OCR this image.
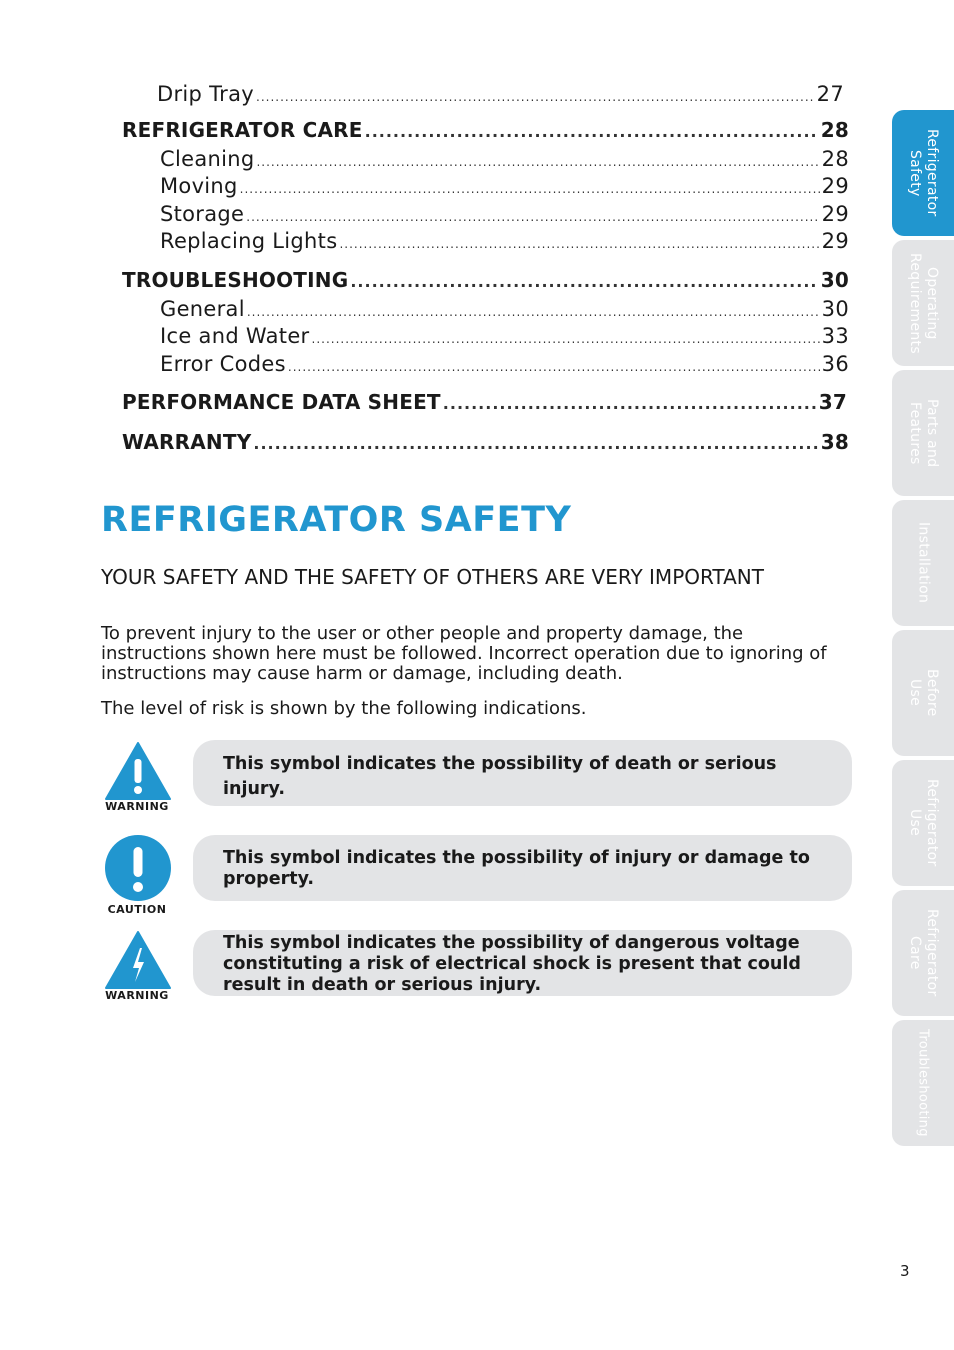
Drip Tray .....	27
REFRIGERATOR CARE .....	28
Cleaning .....	28
Moving .....	29
Storage .....	29
Replacing Lights .....	29
TROUBLESHOOTING .....	30
General .....	30
Ice and Water .....	33
Error Codes .....	36
PERFORMANCE DATA SHEET .....	37
WARRANTY .....	38
REFRIGERATOR SAFETY
YOUR SAFETY AND THE SAFETY OF OTHERS ARE VERY IMPORTANT
To prevent injury to the user or other people and property damage, the instructions shown here must be followed. Incorrect operation due to ignoring of instructions may cause harm or damage, including death.
The level of risk is shown by the following indications.
WARNING
This symbol indicates the possibility of death or serious injury.
CAUTION
This symbol indicates the possibility of injury or damage to property.
WARNING
This symbol indicates the possibility of dangerous voltage constituting a risk of electrical shock is present that could result in death or serious injury.
Refrigerator
Safety
Operating
Requirements
Parts and
Features
Installation
Before
Use
Refrigerator
Use
Refrigerator
Care
Troubleshooting
3
